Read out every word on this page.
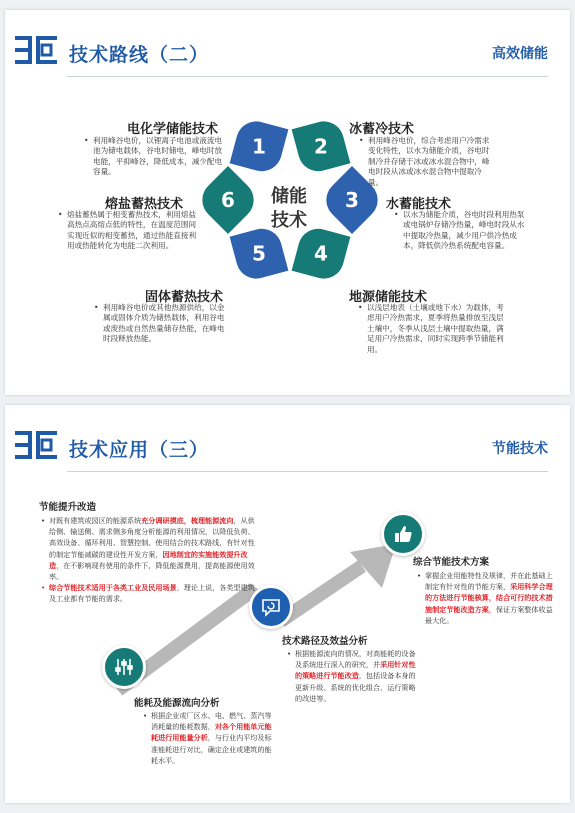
技术路线（二）	高效储能
1 2
3
4
5
6	储能
技术
电化学储能技术
• 利用峰谷电价，以锂离子电池或液流电池为储电载体，谷电时储电，峰电时放电能，平抑峰谷，降低成本，减少配电容量。
冰蓄冷技术
• 利用峰谷电价，综合考虑用户冷需求变化特性，以水为储能介质，谷电时制冷并存储于冰或冰水混合物中，峰电时段从冰或冰水混合物中提取冷量。
水蓄能技术
• 以水为储能介质，谷电时段利用热泵或电锅炉存储冷热量，峰电时段从水中提取冷热量，减少用户供冷热成本，降低供冷热系统配电容量。
地源储能技术
• 以浅层地表（土壤或地下水）为载体，考虑用户冷热需求，夏季将热量排放至浅层土壤中，冬季从浅层土壤中提取热量，满足用户冷热需求，同时实现跨季节储能利用。
固体蓄热技术
• 利用峰谷电价或其他热源供给，以金属或固体介质为储热载体，利用谷电或废热或自然热量储存热能，在峰电时段释放热能。
熔盐蓄热技术
• 熔盐蓄热属于相变蓄热技术，利用熔盐高热点高熔点低的特性，在温度范围间实现近似的相变蓄热，通过热能直接利用或热能转化为电能二次利用。
技术应用（三）	节能技术
节能提升改造

• 对既有建筑或园区的能源系统充分调研摸底，梳理能源流向，从供给侧、输送侧、需求侧多角度分析能源的利用情况，以降低负荷、高效设备、循环利用、智慧控制、使用结合的技术路线，有针对性的制定节能减碳的建设性开发方案，因地制宜的实施能效提升改造，在不影响现有使用的条件下，降低能源费用，提高能源使用效率。

• 综合节能技术适用于各类工业及民用场景，理论上说，各类型建筑及工业都有节能的需求。

能耗及能源流向分析

• 根据企业或厂区水、电、燃气、蒸汽等消耗量的能耗数据，对各个用能单元能耗进行用能量分析，与行业内平均及标准能耗进行对比，确定企业或建筑的能耗水平。

技术路径及效益分析

• 根据能源流向的情况，对高能耗的设备及系统进行深入的研究，并采用针对性的策略进行节能改造，包括设备本身的更新升级、系统的优化组合、运行策略的改进等。

综合节能技术方案

• 掌握企业用能特性及规律，并在此基础上制定有针对性的节能方案，采用科学合理的方法进行节能核算，结合可行的技术措施制定节能改造方案，保证方案整体收益最大化。
